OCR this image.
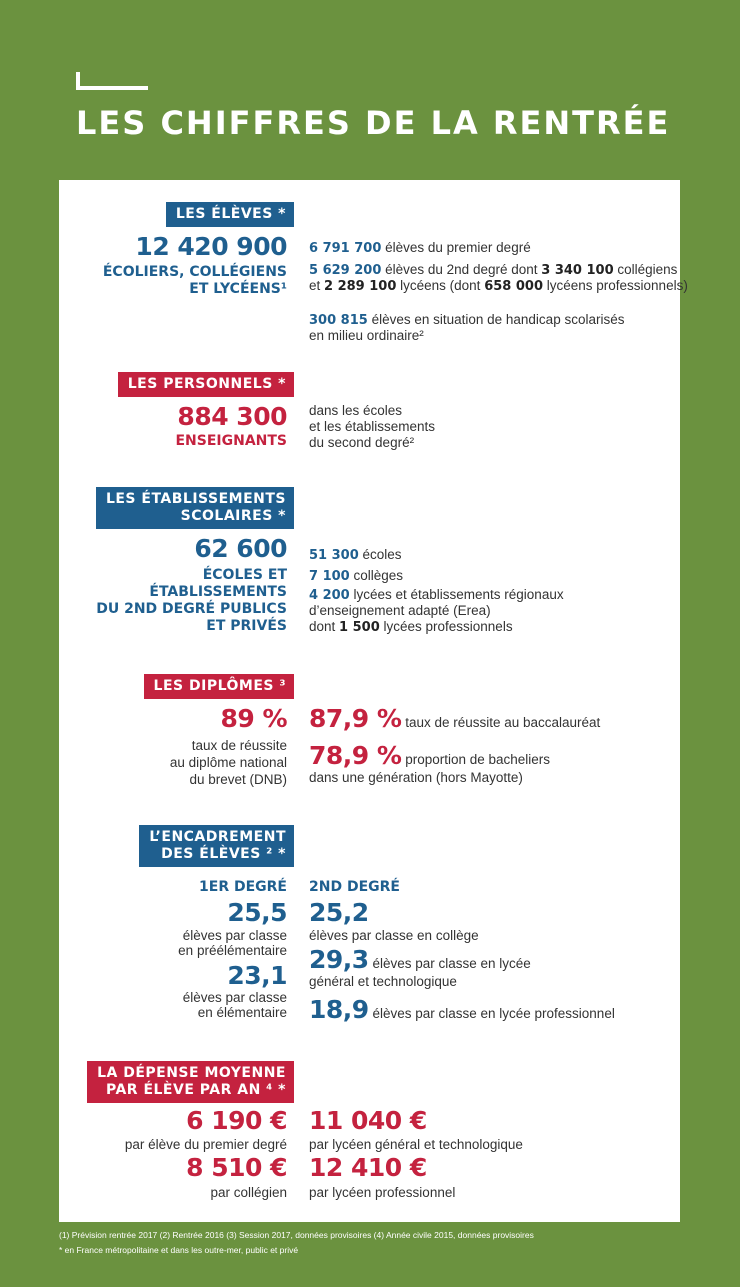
LES CHIFFRES DE LA RENTRÉE
LES ÉLÈVES *
12 420 900
ÉCOLIERS, COLLÉGIENS
ET LYCÉENS¹
6 791 700 élèves du premier degré
5 629 200 élèves du 2nd degré dont 3 340 100 collégiens
et 2 289 100 lycéens (dont 658 000 lycéens professionnels)
300 815 élèves en situation de handicap scolarisés
en milieu ordinaire²
LES PERSONNELS *
884 300
ENSEIGNANTS
dans les écoles
et les établissements
du second degré²
LES ÉTABLISSEMENTS
SCOLAIRES *
62 600
ÉCOLES ET
ÉTABLISSEMENTS
DU 2ND DEGRÉ PUBLICS
ET PRIVÉS
51 300 écoles
7 100 collèges
4 200 lycées et établissements régionaux
d’enseignement adapté (Erea)
dont 1 500 lycées professionnels
LES DIPLÔMES ³
89 %
taux de réussite
au diplôme national
du brevet (DNB)
87,9 % taux de réussite au baccalauréat
78,9 % proportion de bacheliers
dans une génération (hors Mayotte)
L’ENCADREMENT
DES ÉLÈVES ² *
1ER DEGRÉ 2ND DEGRÉ
25,5
élèves par classe
en préélémentaire
23,1
élèves par classe
en élémentaire
25,2
élèves par classe en collège
29,3 élèves par classe en lycée
général et technologique
18,9 élèves par classe en lycée professionnel
LA DÉPENSE MOYENNE
PAR ÉLÈVE PAR AN ⁴ *
6 190 €
par élève du premier degré
8 510 €
par collégien
11 040 €
par lycéen général et technologique
12 410 €
par lycéen professionnel
(1) Prévision rentrée 2017 (2) Rentrée 2016 (3) Session 2017, données provisoires (4) Année civile 2015, données provisoires
* en France métropolitaine et dans les outre-mer, public et privé
